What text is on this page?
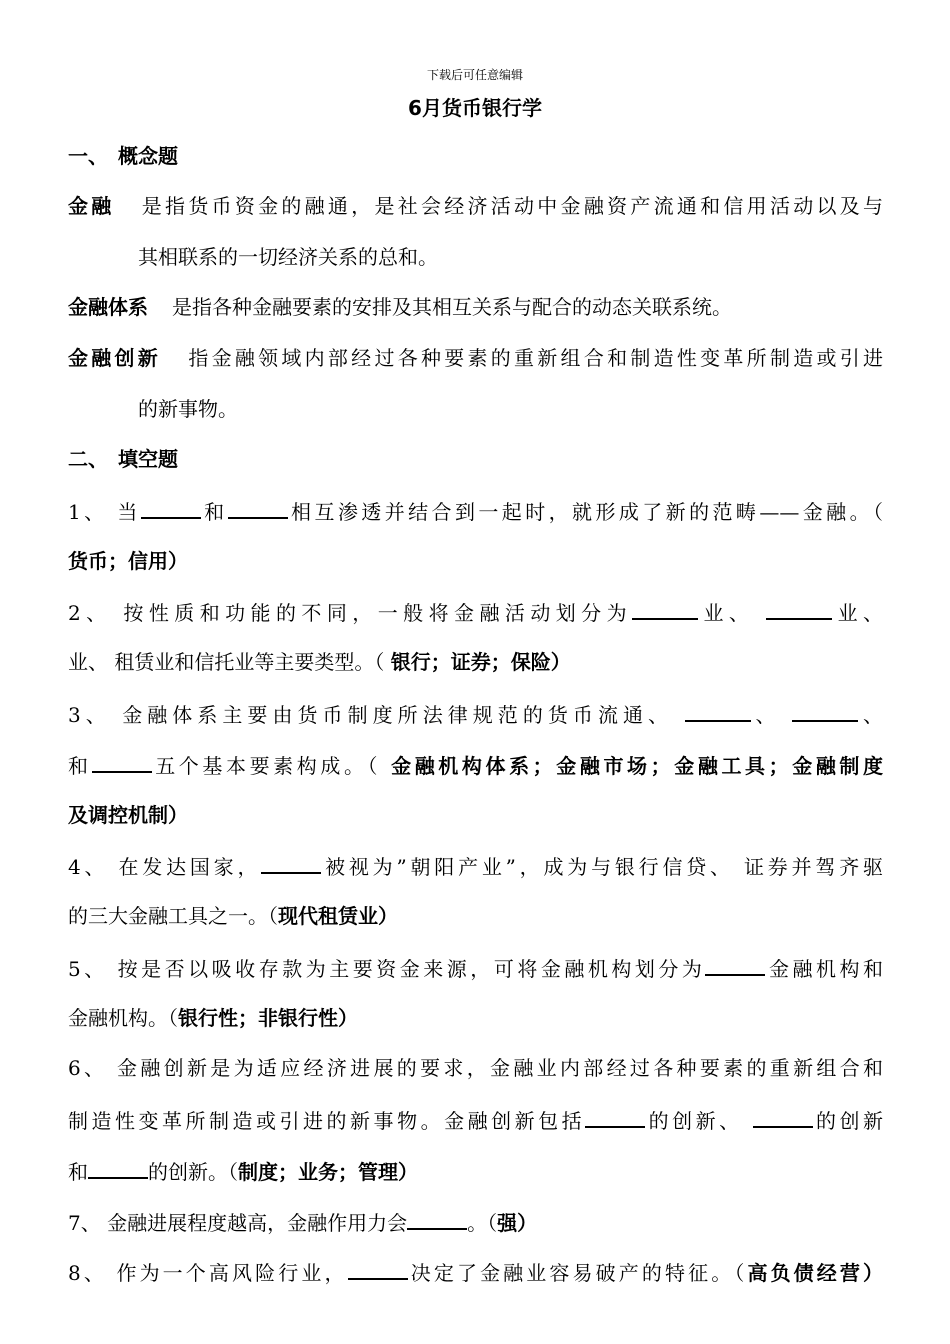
下载后可任意编辑
6月货币银行学
一、　概念题
金融 是指货币资金的融通，是社会经济活动中金融资产流通和信用活动以及与
其相联系的一切经济关系的总和。
金融体系 是指各种金融要素的安排及其相互关系与配合的动态关联系统。
金融创新 指金融领域内部经过各种要素的重新组合和制造性变革所制造或引进
的新事物。
二、　填空题
1、 当	和	相互渗透并结合到一起时，就形成了新的范畴——金融。（
货币；信用）
2、 按性质和功能的不同，一般将金融活动划分为	业、	业、
业、 租赁业和信托业等主要类型。（ 银行；证券；保险）
3、 金融体系主要由货币制度所法律规范的货币流通、	、	、
和	五个基本要素构成。（ 金融机构体系；金融市场；金融工具；金融制度
及调控机制）
4、 在发达国家，	被视为”朝阳产业”，成为与银行信贷、 证券并驾齐驱
的三大金融工具之一。（现代租赁业）
5、 按是否以吸收存款为主要资金来源，可将金融机构划分为	金融机构和
金融机构。（银行性；非银行性）
6、 金融创新是为适应经济进展的要求，金融业内部经过各种要素的重新组合和
制造性变革所制造或引进的新事物。金融创新包括	的创新、	的创新
和	的创新。（制度；业务；管理）
7、 金融进展程度越高，金融作用力会	。（强）
8、 作为一个高风险行业，	决定了金融业容易破产的特征。（高负债经营）
